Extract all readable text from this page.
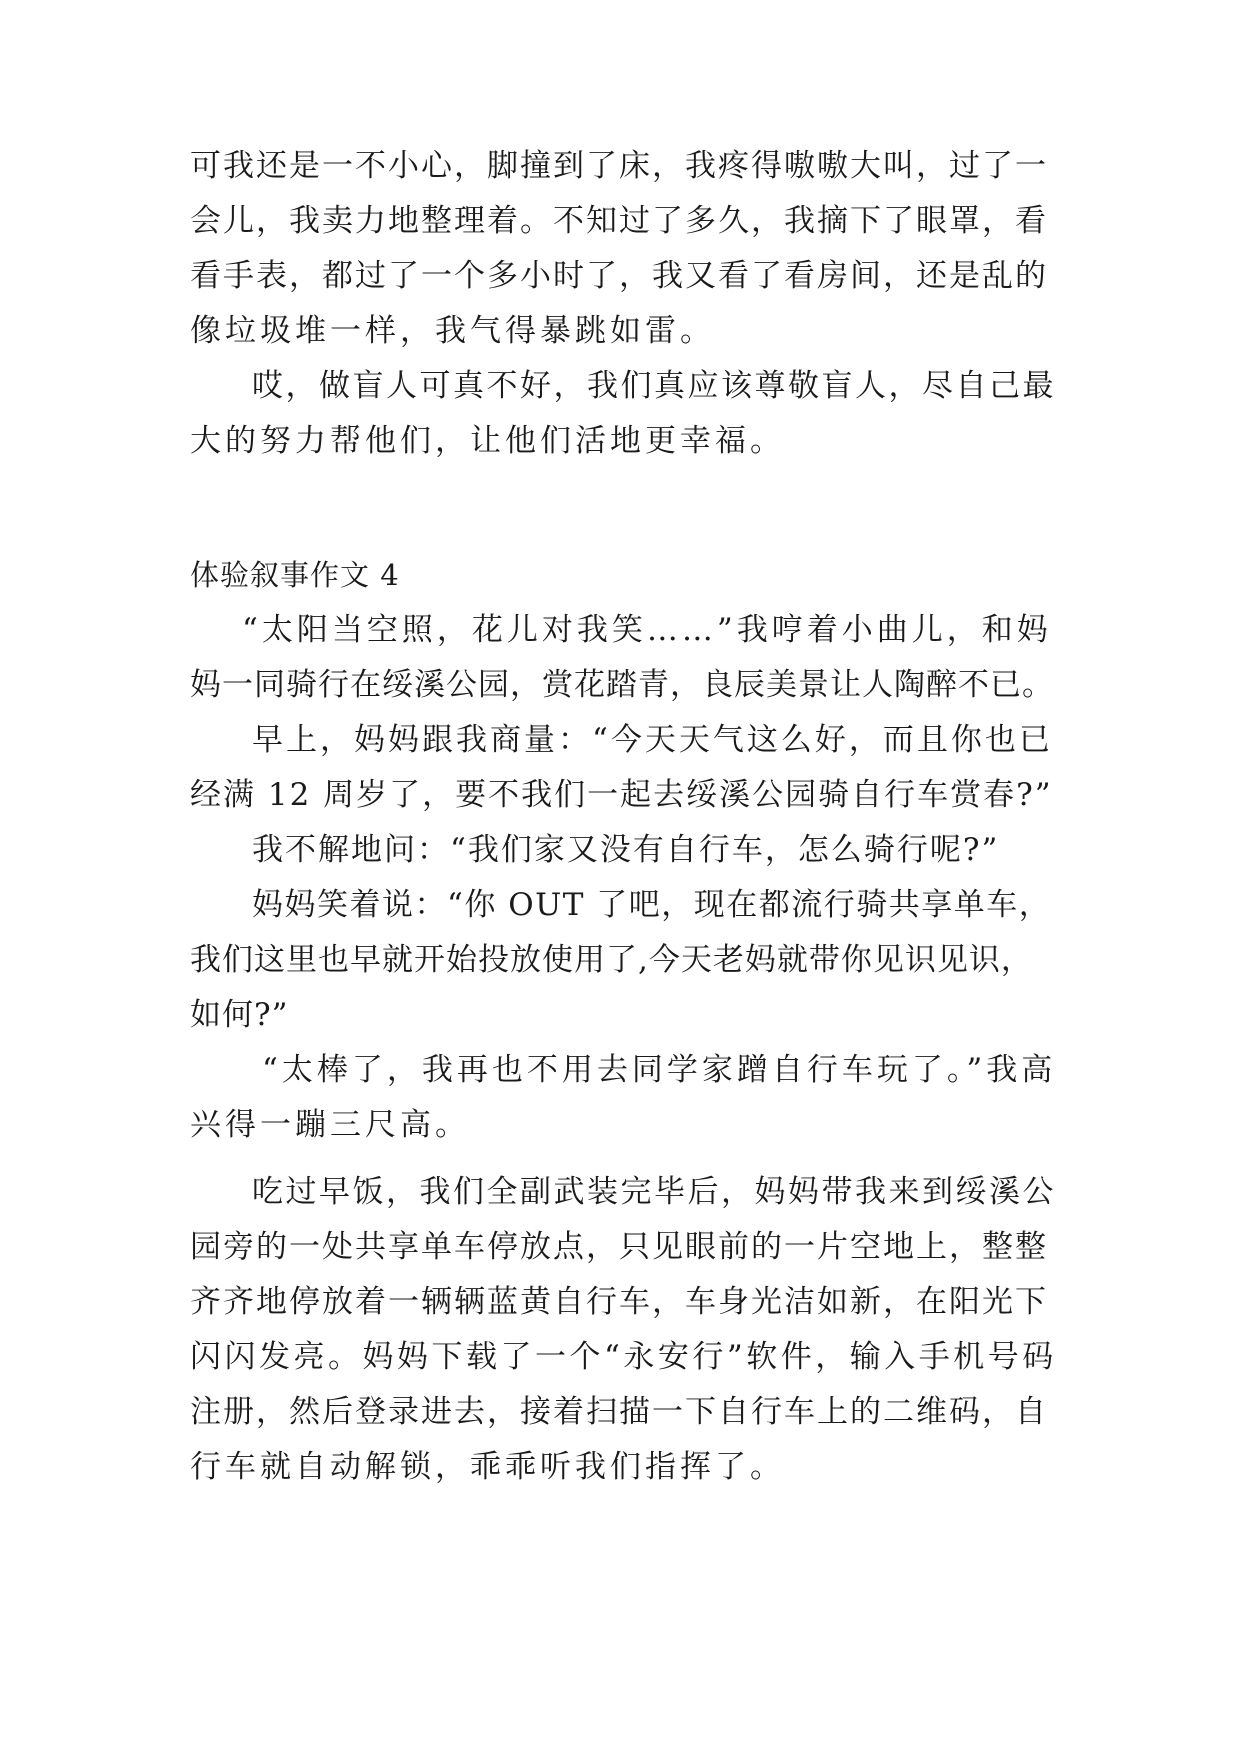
可我还是一不小心，脚撞到了床，我疼得嗷嗷大叫，过了一
会儿，我卖力地整理着。不知过了多久，我摘下了眼罩，看
看手表，都过了一个多小时了，我又看了看房间，还是乱的
像垃圾堆一样，我气得暴跳如雷。
哎，做盲人可真不好，我们真应该尊敬盲人，尽自己最
大的努力帮他们，让他们活地更幸福。
体验叙事作文 4
“太阳当空照，花儿对我笑……”我哼着小曲儿，和妈
妈一同骑行在绥溪公园，赏花踏青，良辰美景让人陶醉不已。
早上，妈妈跟我商量：“今天天气这么好，而且你也已
经满 12 周岁了，要不我们一起去绥溪公园骑自行车赏春?”
我不解地问：“我们家又没有自行车，怎么骑行呢?”
妈妈笑着说：“你 OUT 了吧，现在都流行骑共享单车，
我们这里也早就开始投放使用了,今天老妈就带你见识见识，
如何?”
“太棒了，我再也不用去同学家蹭自行车玩了。”我高
兴得一蹦三尺高。
吃过早饭，我们全副武装完毕后，妈妈带我来到绥溪公
园旁的一处共享单车停放点，只见眼前的一片空地上，整整
齐齐地停放着一辆辆蓝黄自行车，车身光洁如新，在阳光下
闪闪发亮。妈妈下载了一个“永安行”软件，输入手机号码
注册，然后登录进去，接着扫描一下自行车上的二维码，自
行车就自动解锁，乖乖听我们指挥了。
